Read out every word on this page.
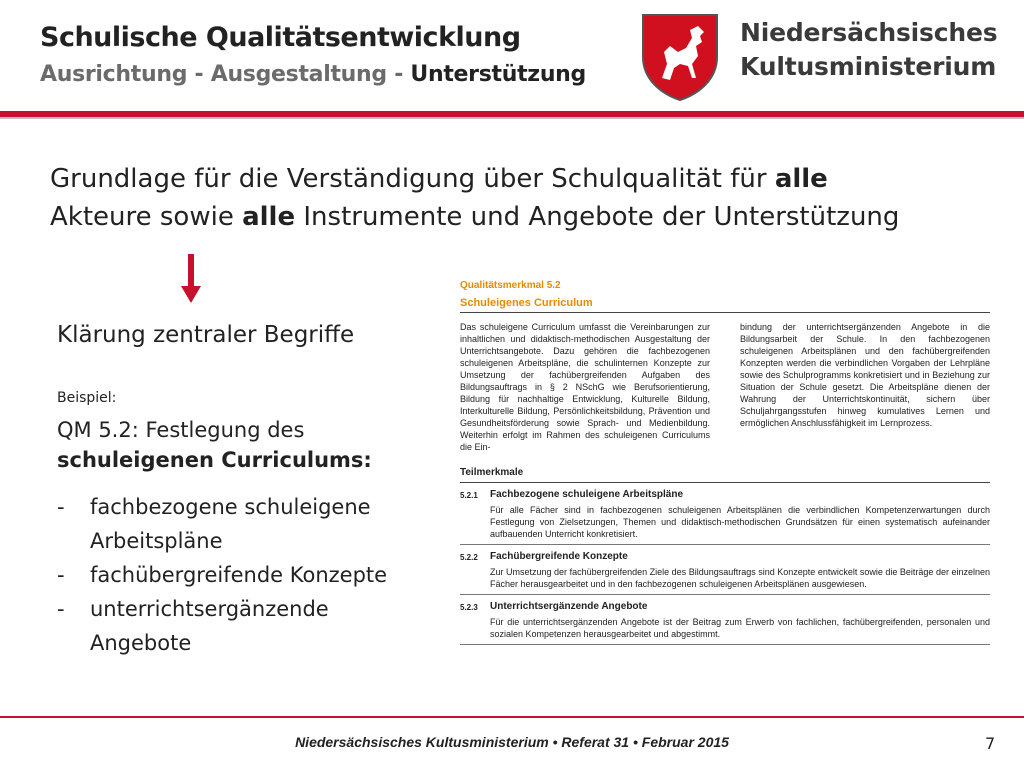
Schulische Qualitätsentwicklung
Ausrichtung - Ausgestaltung - Unterstützung
Niedersächsisches
Kultusministerium
Grundlage für die Verständigung über Schulqualität für alle
Akteure sowie alle Instrumente und Angebote der Unterstützung
Klärung zentraler Begriffe
Beispiel:
QM 5.2: Festlegung des
schuleigenen Curriculums:
- fachbezogene schuleigene Arbeitspläne
- fachübergreifende Konzepte
- unterrichtsergänzende Angebote
Qualitätsmerkmal 5.2
Schuleigenes Curriculum

Das schuleigene Curriculum umfasst die Vereinbarungen zur inhaltlichen und didaktisch-methodischen Ausgestaltung der Unterrichtsangebote. Dazu gehören die fachbezogenen schuleigenen Arbeitspläne, die schulinternen Konzepte zur Umsetzung der fachübergreifenden Aufgaben des Bildungsauftrags in § 2 NSchG wie Berufsorientierung, Bildung für nachhaltige Entwicklung, Kulturelle Bildung, Interkulturelle Bildung, Persönlichkeitsbildung, Prävention und Gesundheitsförderung sowie Sprach- und Medienbildung. Weiterhin erfolgt im Rahmen des schuleigenen Curriculums die Ein-

bindung der unterrichtsergänzenden Angebote in die Bildungsarbeit der Schule. In den fachbezogenen schuleigenen Arbeitsplänen und den fachübergreifenden Konzepten werden die verbindlichen Vorgaben der Lehrpläne sowie des Schulprogramms konkretisiert und in Beziehung zur Situation der Schule gesetzt. Die Arbeitspläne dienen der Wahrung der Unterrichtskontinuität, sichern über Schuljahrgangsstufen hinweg kumulatives Lernen und ermöglichen Anschlussfähigkeit im Lernprozess.

Teilmerkmale
5.2.1	Fachbezogene schuleigene Arbeitspläne
Für alle Fächer sind in fachbezogenen schuleigenen Arbeitsplänen die verbindlichen Kompetenzerwartungen durch Festlegung von Zielsetzungen, Themen und didaktisch-methodischen Grundsätzen für einen systematisch aufeinander aufbauenden Unterricht konkretisiert.
5.2.2	Fachübergreifende Konzepte
Zur Umsetzung der fachübergreifenden Ziele des Bildungsauftrags sind Konzepte entwickelt sowie die Beiträge der einzelnen Fächer herausgearbeitet und in den fachbezogenen schuleigenen Arbeitsplänen ausgewiesen.
5.2.3	Unterrichtsergänzende Angebote
Für die unterrichtsergänzenden Angebote ist der Beitrag zum Erwerb von fachlichen, fachübergreifenden, personalen und sozialen Kompetenzen herausgearbeitet und abgestimmt.
Niedersächsisches Kultusministerium • Referat 31 • Februar 2015	7
